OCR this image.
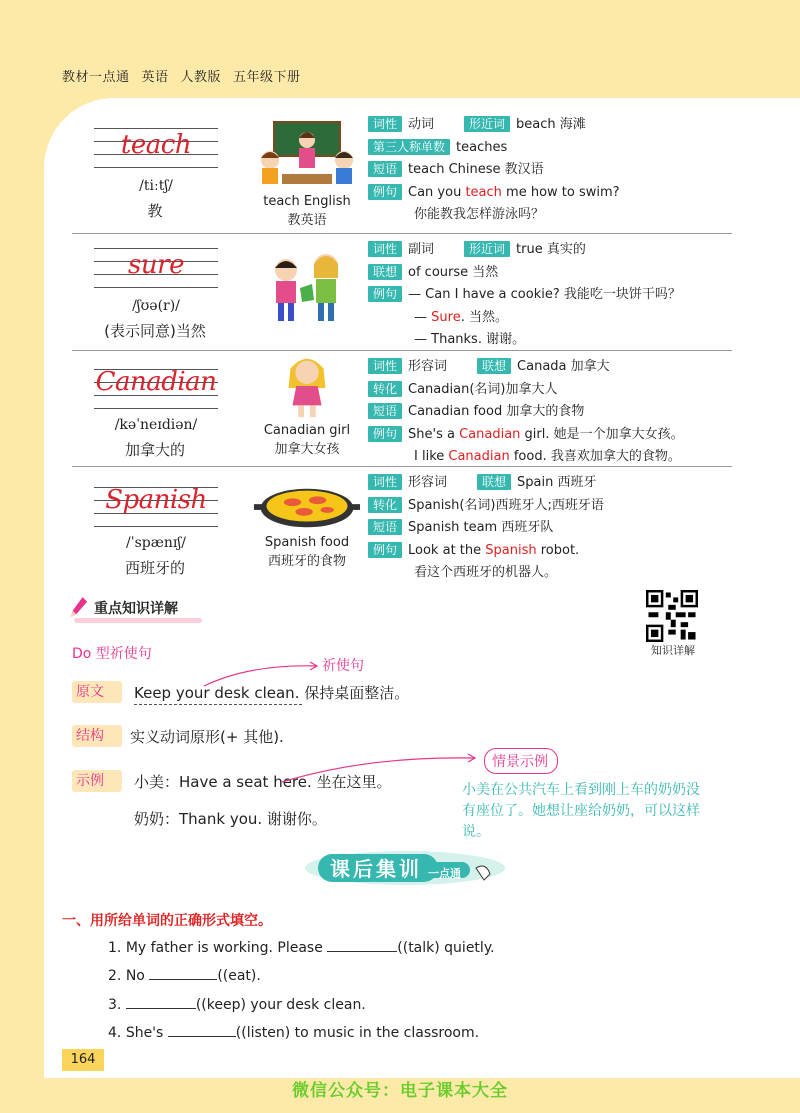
教材一点通 英语 人教版 五年级下册
teach
/tiːtʃ/
教
teach English
教英语
词性 动词	形近词 beach 海滩
第三人称单数 teaches
短语 teach Chinese 教汉语
例句 Can you teach me how to swim?
你能教我怎样游泳吗？
sure
/ʃʊə(r)/
(表示同意)当然
词性 副词	形近词 true 真实的
联想 of course 当然
例句 — Can I have a cookie? 我能吃一块饼干吗？
— Sure. 当然。
— Thanks. 谢谢。
Canadian
/kəˈneɪdiən/
加拿大的
Canadian girl
加拿大女孩
词性 形容词	联想 Canada 加拿大
转化 Canadian(名词)加拿大人
短语 Canadian food 加拿大的食物
例句 She's a Canadian girl. 她是一个加拿大女孩。
I like Canadian food. 我喜欢加拿大的食物。
Spanish
/ˈspænɪʃ/
西班牙的
Spanish food
西班牙的食物
词性 形容词	联想 Spain 西班牙
转化 Spanish(名词)西班牙人;西班牙语
短语 Spanish team 西班牙队
例句 Look at the Spanish robot.
看这个西班牙的机器人。
重点知识详解
知识详解
Do 型祈使句
祈使句
原文	Keep your desk clean. 保持桌面整洁。
结构	实义动词原形(+ 其他).
示例	小美：Have a seat here. 坐在这里。
奶奶：Thank you. 谢谢你。
情景示例
小美在公共汽车上看到刚上车的奶奶没有座位了。她想让座给奶奶，可以这样说。
课后集训 一点通
一、用所给单词的正确形式填空。
1. My father is working. Please	((talk) quietly.
2. No	((eat).
3.	((keep) your desk clean.
4. She's	((listen) to music in the classroom.
164
微信公众号：电子课本大全
